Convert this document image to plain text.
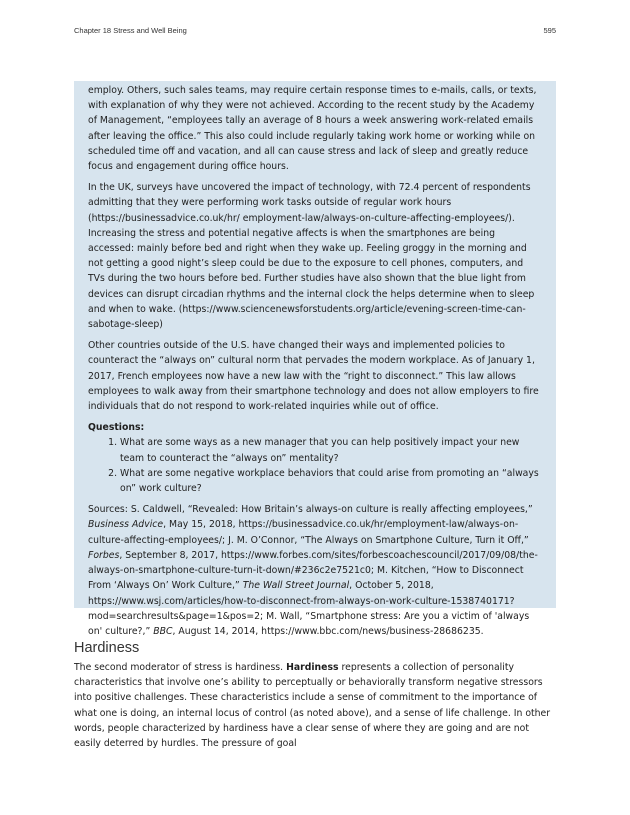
Chapter 18 Stress and Well Being	595

employ. Others, such sales teams, may require certain response times to e-mails, calls, or texts, with explanation of why they were not achieved. According to the recent study by the Academy of Management, “employees tally an average of 8 hours a week answering work-related emails after leaving the office.” This also could include regularly taking work home or working while on scheduled time off and vacation, and all can cause stress and lack of sleep and greatly reduce focus and engagement during office hours.

In the UK, surveys have uncovered the impact of technology, with 72.4 percent of respondents admitting that they were performing work tasks outside of regular work hours (https://businessadvice.co.uk/hr/ employment-law/always-on-culture-affecting-employees/). Increasing the stress and potential negative affects is when the smartphones are being accessed: mainly before bed and right when they wake up. Feeling groggy in the morning and not getting a good night’s sleep could be due to the exposure to cell phones, computers, and TVs during the two hours before bed. Further studies have also shown that the blue light from devices can disrupt circadian rhythms and the internal clock the helps determine when to sleep and when to wake. (https://www.sciencenewsforstudents.org/article/evening-screen-time-can-sabotage-sleep)

Other countries outside of the U.S. have changed their ways and implemented policies to counteract the “always on” cultural norm that pervades the modern workplace. As of January 1, 2017, French employees now have a new law with the “right to disconnect.” This law allows employees to walk away from their smartphone technology and does not allow employers to fire individuals that do not respond to work-related inquiries while out of office.

Questions:

1. What are some ways as a new manager that you can help positively impact your new team to counteract the “always on” mentality?
2. What are some negative workplace behaviors that could arise from promoting an “always on” work culture?

Sources: S. Caldwell, “Revealed: How Britain’s always-on culture is really affecting employees,” Business Advice, May 15, 2018, https://businessadvice.co.uk/hr/employment-law/always-on-culture-affecting-employees/; J. M. O’Connor, “The Always on Smartphone Culture, Turn it Off,” Forbes, September 8, 2017, https://www.forbes.com/sites/forbescoachescouncil/2017/09/08/the-always-on-smartphone-culture-turn-it-down/#236c2e7521c0; M. Kitchen, “How to Disconnect From ‘Always On’ Work Culture,” The Wall Street Journal, October 5, 2018, https://www.wsj.com/articles/how-to-disconnect-from-always-on-work-culture-1538740171?mod=searchresults&page=1&pos=2; M. Wall, “Smartphone stress: Are you a victim of 'always on' culture?,” BBC, August 14, 2014, https://www.bbc.com/news/business-28686235.

Hardiness

The second moderator of stress is hardiness. Hardiness represents a collection of personality characteristics that involve one’s ability to perceptually or behaviorally transform negative stressors into positive challenges. These characteristics include a sense of commitment to the importance of what one is doing, an internal locus of control (as noted above), and a sense of life challenge. In other words, people characterized by hardiness have a clear sense of where they are going and are not easily deterred by hurdles. The pressure of goal
